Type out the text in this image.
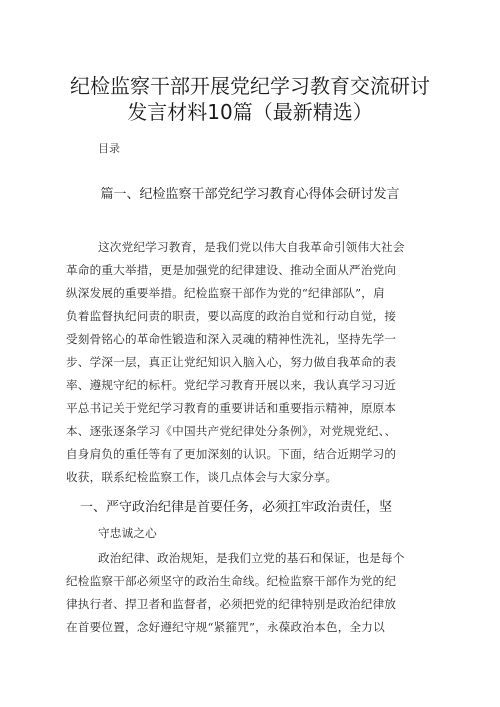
纪检监察干部开展党纪学习教育交流研讨
发言材料10篇（最新精选）
目录
篇一、纪检监察干部党纪学习教育心得体会研讨发言
这次党纪学习教育，是我们党以伟大自我革命引领伟大社会
革命的重大举措，更是加强党的纪律建设、推动全面从严治党向
纵深发展的重要举措。纪检监察干部作为党的“纪律部队”，肩
负着监督执纪问责的职责，要以高度的政治自觉和行动自觉，接
受刻骨铭心的革命性锻造和深入灵魂的精神性洗礼，坚持先学一
步、学深一层，真正让党纪知识入脑入心，努力做自我革命的表
率、遵规守纪的标杆。党纪学习教育开展以来，我认真学习习近
平总书记关于党纪学习教育的重要讲话和重要指示精神，原原本
本、逐张逐条学习《中国共产党纪律处分条例》，对党规党纪、、
自身肩负的重任等有了更加深刻的认识。下面，结合近期学习的
收获，联系纪检监察工作，谈几点体会与大家分享。
一、严守政治纪律是首要任务，必须扛牢政治责任，坚
守忠诚之心
政治纪律、政治规矩，是我们立党的基石和保证，也是每个
纪检监察干部必须坚守的政治生命线。纪检监察干部作为党的纪
律执行者、捍卫者和监督者，必须把党的纪律特别是政治纪律放
在首要位置，念好遵纪守规“紧箍咒”，永葆政治本色，全力以
